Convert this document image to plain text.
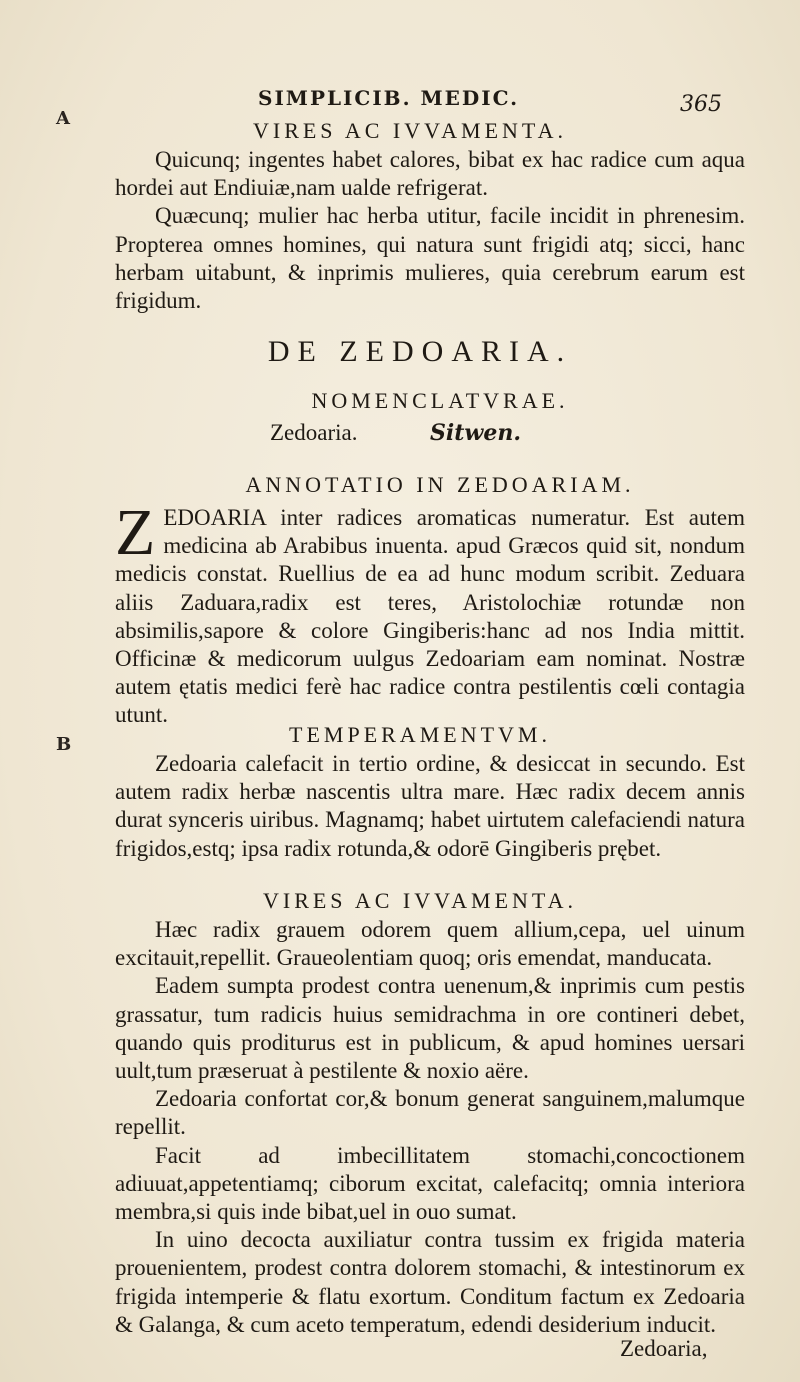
A
B
SIMPLICIB. MEDIC.	365
VIRES AC IVVAMENTA.

Quicunq; ingentes habet calores, bibat ex hac radice cum aqua hordei aut Endiuiæ,nam ualde refrigerat.

Quæcunq; mulier hac herba utitur, facile incidit in phrenesim. Propterea omnes homines, qui natura sunt frigidi atq; sicci, hanc herbam uitabunt, & inprimis mulieres, quia cerebrum earum est frigidum.

DE ZEDOARIA.
NOMENCLATVRAE.
Zedoaria.	Sitwen.
ANNOTATIO IN ZEDOARIAM.
Z EDOARIA inter radices aromaticas numeratur. Est autem medicina ab Arabibus inuenta. apud Græcos quid sit, nondum medicis constat. Ruellius de ea ad hunc modum scribit. Zeduara aliis Zaduara,radix est teres, Aristolochiæ rotundæ non absimilis,sapore & colore Gingiberis:hanc ad nos India mittit. Officinæ & medicorum uulgus Zedoariam eam nominat. Nostræ autem ętatis medici ferè hac radice contra pestilentis cœli contagia utunt.
TEMPERAMENTVM.

Zedoaria calefacit in tertio ordine, & desiccat in secundo. Est autem radix herbæ nascentis ultra mare. Hæc radix decem annis durat synceris uiribus. Magnamq; habet uirtutem calefaciendi natura frigidos,estq; ipsa radix rotunda,& odorē Gingiberis prębet.

VIRES AC IVVAMENTA.

Hæc radix grauem odorem quem allium,cepa, uel uinum excitauit,repellit. Graueolentiam quoq; oris emendat, manducata.

Eadem sumpta prodest contra uenenum,& inprimis cum pestis grassatur, tum radicis huius semidrachma in ore contineri debet, quando quis proditurus est in publicum, & apud homines uersari uult,tum præseruat à pestilente & noxio aëre.

Zedoaria confortat cor,& bonum generat sanguinem,malumque repellit.

Facit ad imbecillitatem stomachi,concoctionem adiuuat,appetentiamq; ciborum excitat, calefacitq; omnia interiora membra,si quis inde bibat,uel in ouo sumat.

In uino decocta auxiliatur contra tussim ex frigida materia prouenientem, prodest contra dolorem stomachi, & intestinorum ex frigida intemperie & flatu exortum. Conditum factum ex Zedoaria & Galanga, & cum aceto temperatum, edendi desiderium inducit.

Zedoaria,
